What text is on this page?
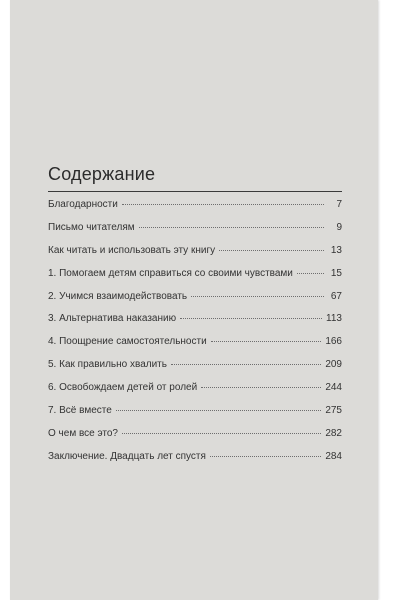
Содержание
Благодарности	7
Письмо читателям	9
Как читать и использовать эту книгу	13
1. Помогаем детям справиться со своими чувствами	15
2. Учимся взаимодействовать	67
3. Альтернатива наказанию	113
4. Поощрение самостоятельности	166
5. Как правильно хвалить	209
6. Освобождаем детей от ролей	244
7. Всё вместе	275
О чем все это?	282
Заключение. Двадцать лет спустя	284
